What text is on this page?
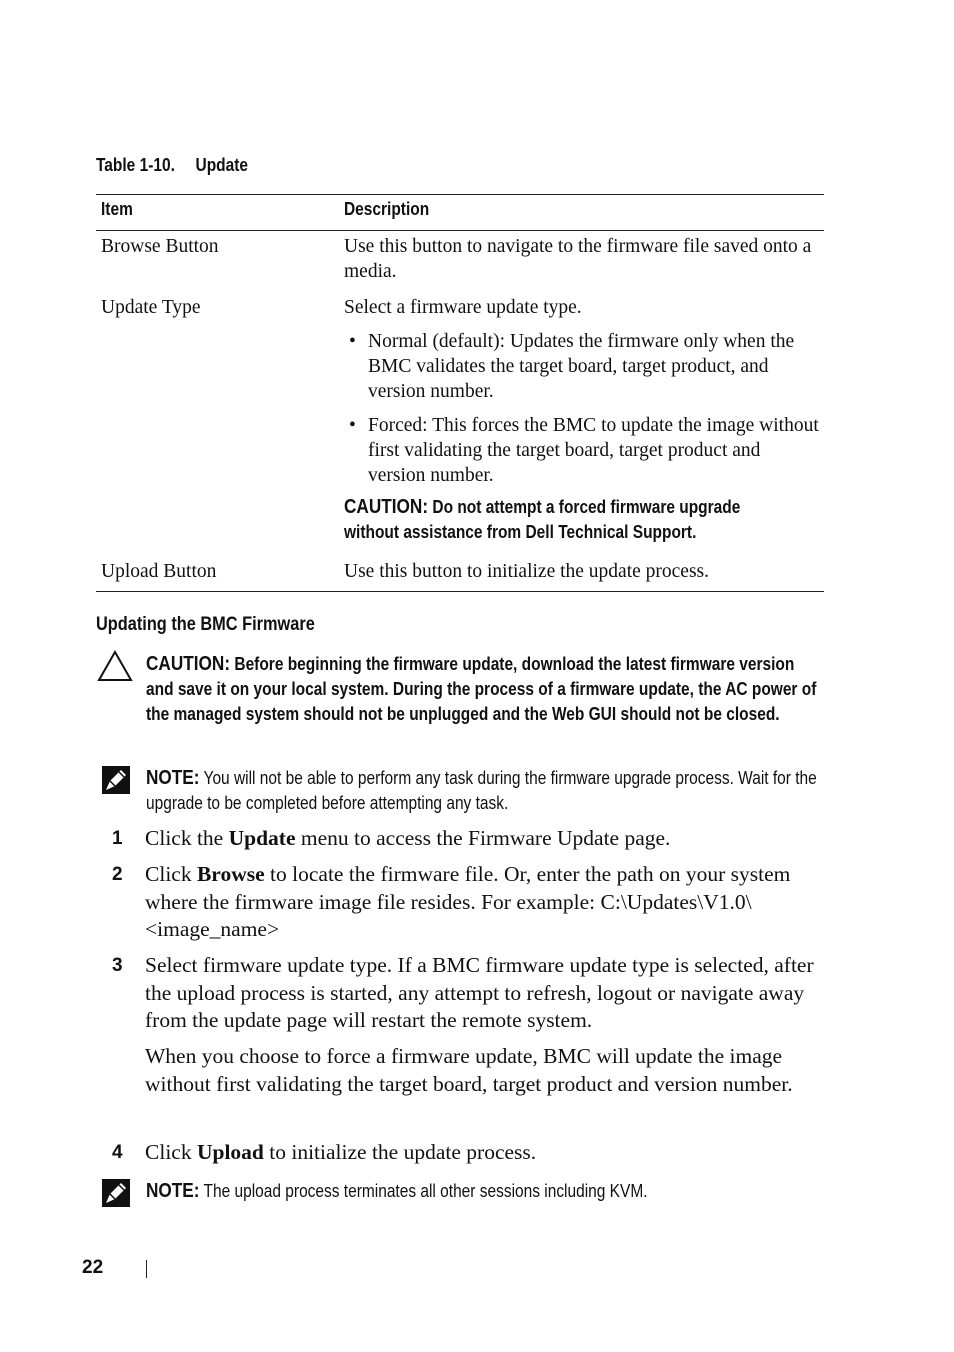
Table 1-10. Update
Item	Description
Browse Button	Use this button to navigate to the firmware file saved onto a media.
Update Type	Select a firmware update type.
• Normal (default): Updates the firmware only when the BMC validates the target board, target product, and version number.
• Forced: This forces the BMC to update the image without first validating the target board, target product and version number.
CAUTION: Do not attempt a forced firmware upgrade without assistance from Dell Technical Support.
Upload Button	Use this button to initialize the update process.
Updating the BMC Firmware
CAUTION: Before beginning the firmware update, download the latest firmware version and save it on your local system. During the process of a firmware update, the AC power of the managed system should not be unplugged and the Web GUI should not be closed.
NOTE: You will not be able to perform any task during the firmware upgrade process. Wait for the upgrade to be completed before attempting any task.
1 Click the Update menu to access the Firmware Update page.
2 Click Browse to locate the firmware file. Or, enter the path on your system where the firmware image file resides. For example: C:\Updates\V1.0\<image_name>
3 Select firmware update type. If a BMC firmware update type is selected, after the upload process is started, any attempt to refresh, logout or navigate away from the update page will restart the remote system.
When you choose to force a firmware update, BMC will update the image without first validating the target board, target product and version number.
4 Click Upload to initialize the update process.
NOTE: The upload process terminates all other sessions including KVM.
22
